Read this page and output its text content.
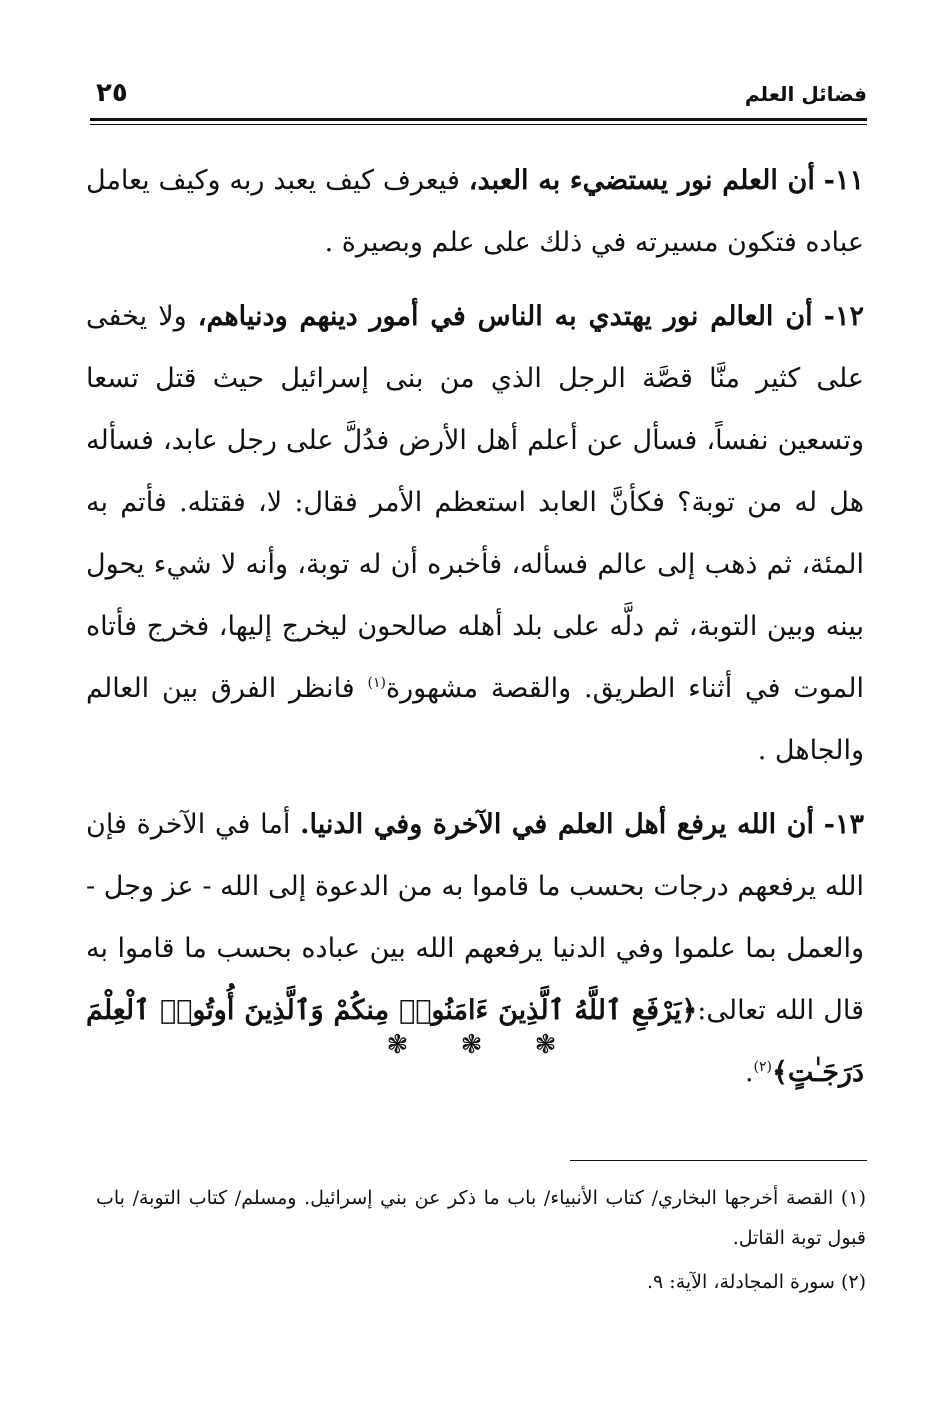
فضائل العلم
٢٥

١١- أن العلم نور يستضيء به العبد، فيعرف كيف يعبد ربه وكيف يعامل عباده فتكون مسيرته في ذلك على علم وبصيرة .

١٢- أن العالم نور يهتدي به الناس في أمور دينهم ودنياهم، ولا يخفى على كثير منَّا قصَّة الرجل الذي من بنى إسرائيل حيث قتل تسعا وتسعين نفساً، فسأل عن أعلم أهل الأرض فدُلَّ على رجل عابد، فسأله هل له من توبة؟ فكأنَّ العابد استعظم الأمر فقال: لا، فقتله. فأتم به المئة، ثم ذهب إلى عالم فسأله، فأخبره أن له توبة، وأنه لا شيء يحول بينه وبين التوبة، ثم دلَّه على بلد أهله صالحون ليخرج إليها، فخرج فأتاه الموت في أثناء الطريق. والقصة مشهورة$^{(١)}$ فانظر الفرق بين العالم والجاهل .

١٣- أن الله يرفع أهل العلم في الآخرة وفي الدنيا. أما في الآخرة فإن الله يرفعهم درجات بحسب ما قاموا به من الدعوة إلى الله - عز وجل - والعمل بما علموا وفي الدنيا يرفعهم الله بين عباده بحسب ما قاموا به قال الله تعالى:﴿يَرْفَعِ ٱللَّهُ ٱلَّذِينَ ءَامَنُوا۟ مِنكُمْ وَٱلَّذِينَ أُوتُوا۟ ٱلْعِلْمَ دَرَجَـٰتٍ﴾$^{(٢)}$.

❃ ❃ ❃

(١) القصة أخرجها البخاري/ كتاب الأنبياء/ باب ما ذكر عن بني إسرائيل. ومسلم/ كتاب التوبة/ باب قبول توبة القاتل.

(٢) سورة المجادلة، الآية: ٩.
